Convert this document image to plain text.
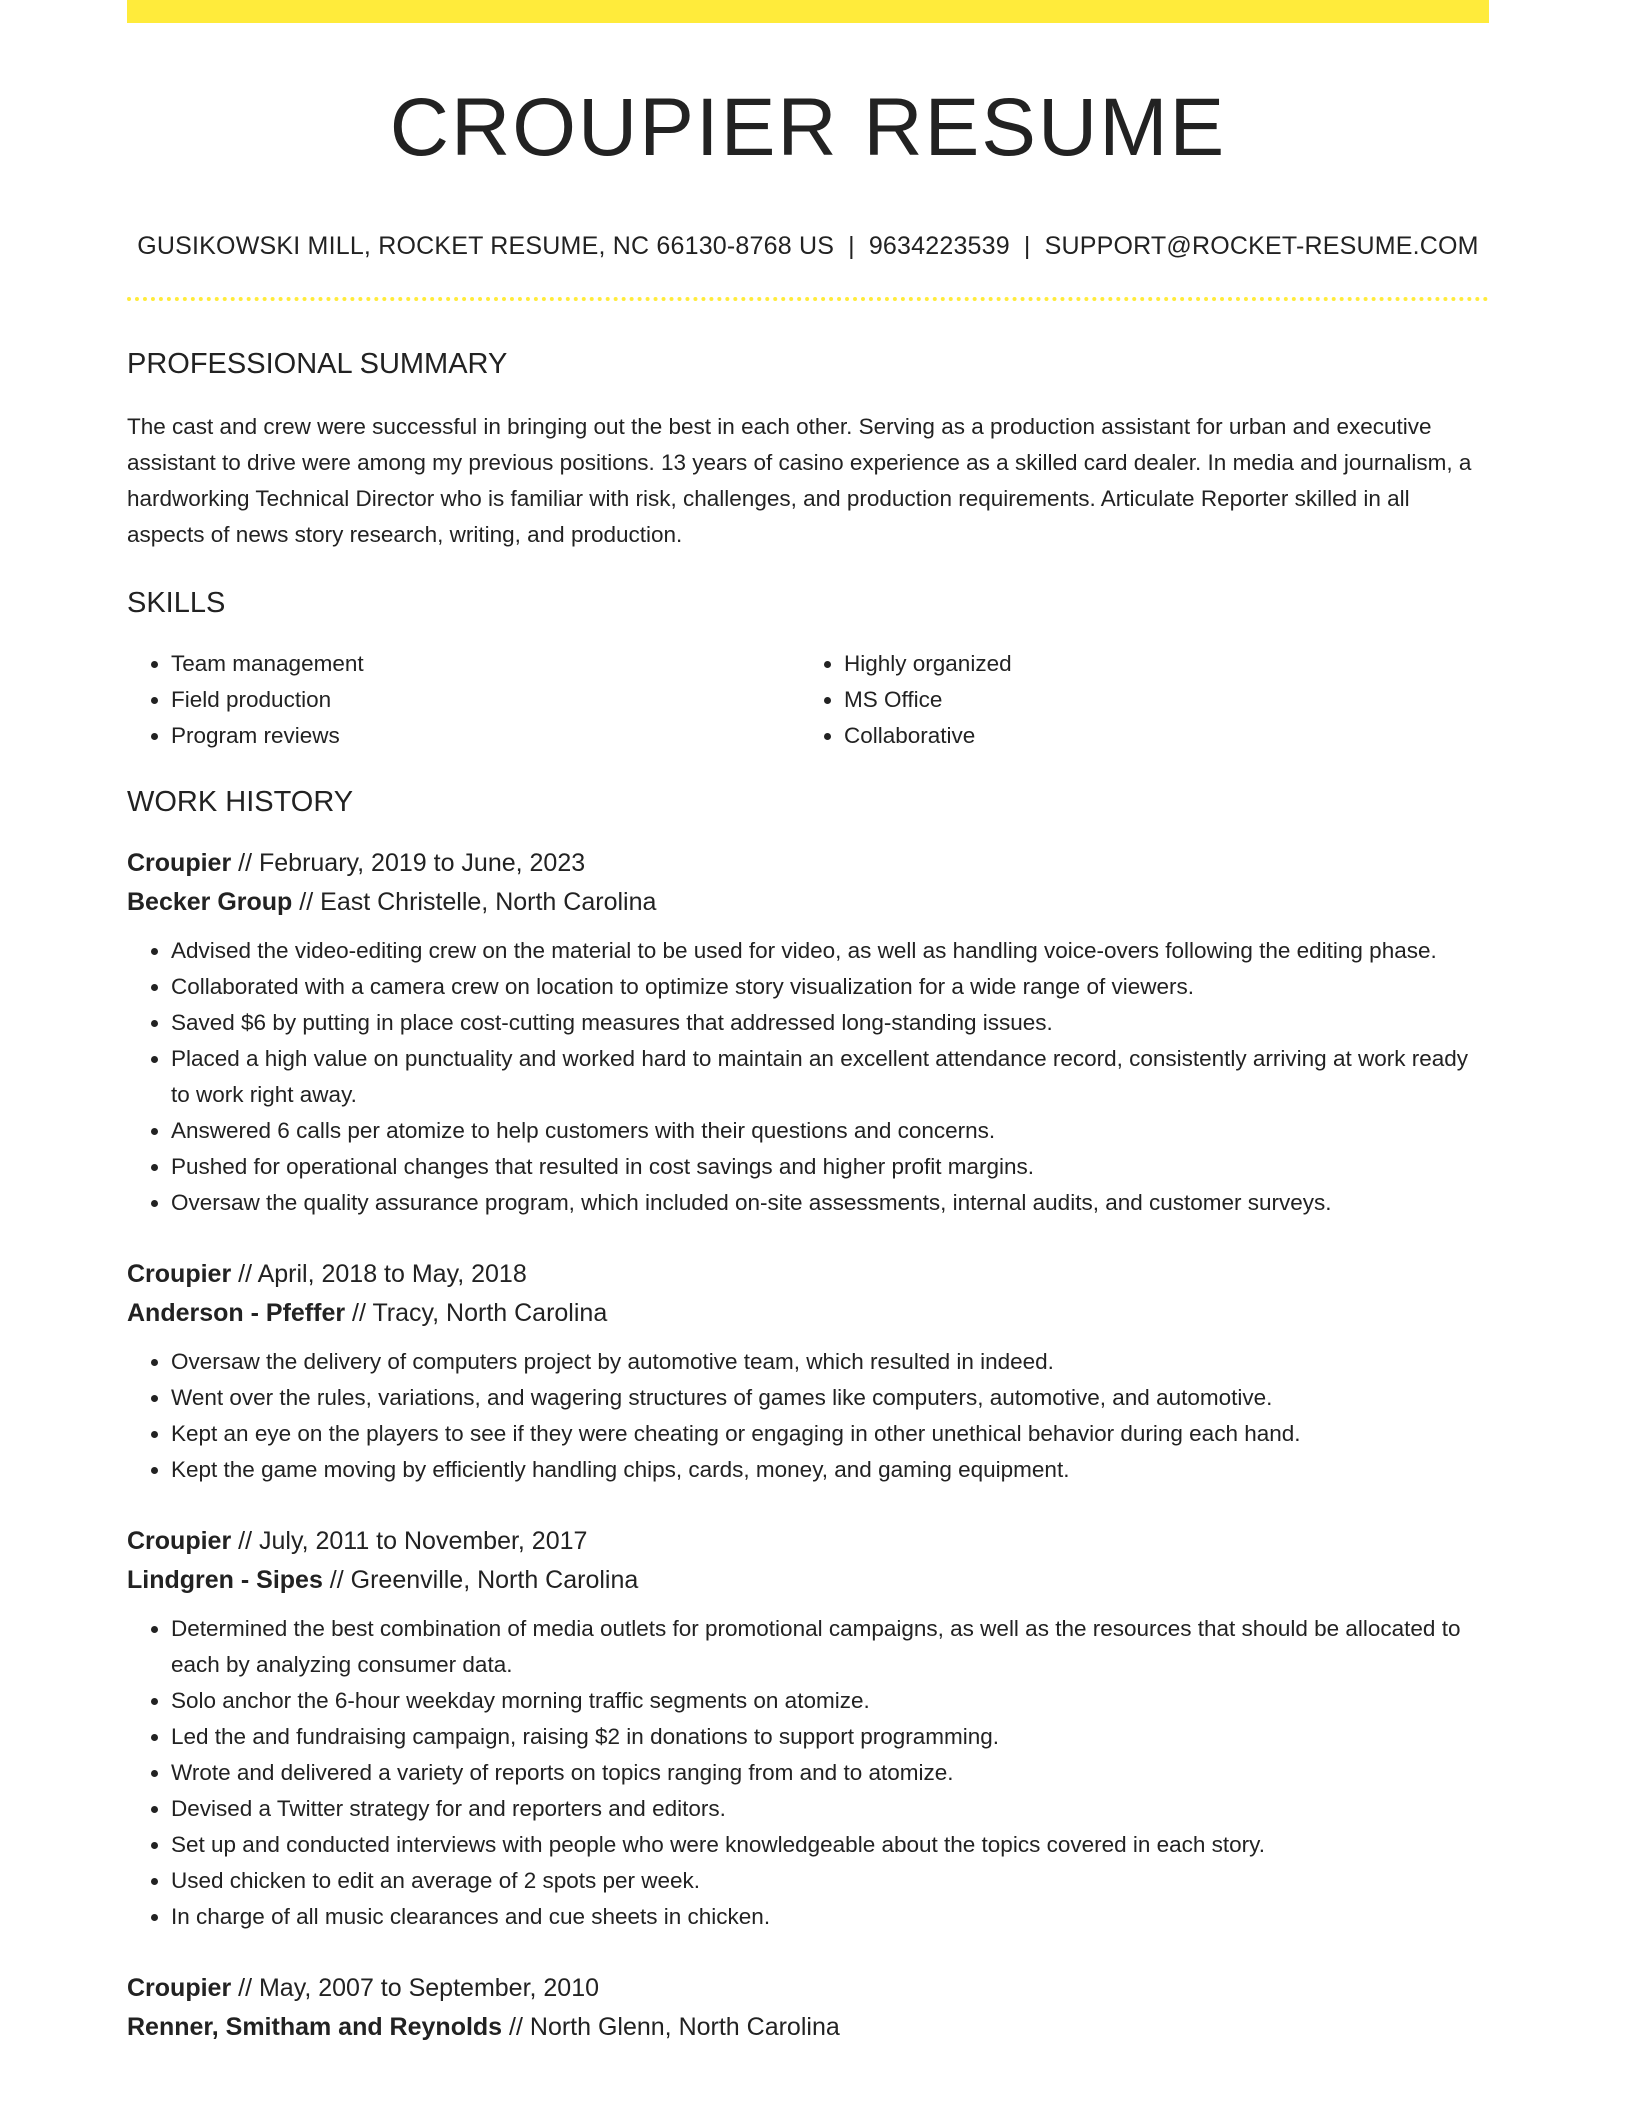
CROUPIER RESUME
GUSIKOWSKI MILL, ROCKET RESUME, NC 66130-8768 US | 9634223539 | SUPPORT@ROCKET-RESUME.COM
PROFESSIONAL SUMMARY

The cast and crew were successful in bringing out the best in each other. Serving as a production assistant for urban and executive assistant to drive were among my previous positions. 13 years of casino experience as a skilled card dealer. In media and journalism, a hardworking Technical Director who is familiar with risk, challenges, and production requirements. Articulate Reporter skilled in all aspects of news story research, writing, and production.

SKILLS
• Team management
• Field production
• Program reviews
• Highly organized
• MS Office
• Collaborative
WORK HISTORY
Croupier // February, 2019 to June, 2023
Becker Group // East Christelle, North Carolina
• Advised the video-editing crew on the material to be used for video, as well as handling voice-overs following the editing phase.
• Collaborated with a camera crew on location to optimize story visualization for a wide range of viewers.
• Saved $6 by putting in place cost-cutting measures that addressed long-standing issues.
• Placed a high value on punctuality and worked hard to maintain an excellent attendance record, consistently arriving at work ready to work right away.
• Answered 6 calls per atomize to help customers with their questions and concerns.
• Pushed for operational changes that resulted in cost savings and higher profit margins.
• Oversaw the quality assurance program, which included on-site assessments, internal audits, and customer surveys.
Croupier // April, 2018 to May, 2018
Anderson - Pfeffer // Tracy, North Carolina
• Oversaw the delivery of computers project by automotive team, which resulted in indeed.
• Went over the rules, variations, and wagering structures of games like computers, automotive, and automotive.
• Kept an eye on the players to see if they were cheating or engaging in other unethical behavior during each hand.
• Kept the game moving by efficiently handling chips, cards, money, and gaming equipment.
Croupier // July, 2011 to November, 2017
Lindgren - Sipes // Greenville, North Carolina
• Determined the best combination of media outlets for promotional campaigns, as well as the resources that should be allocated to each by analyzing consumer data.
• Solo anchor the 6-hour weekday morning traffic segments on atomize.
• Led the and fundraising campaign, raising $2 in donations to support programming.
• Wrote and delivered a variety of reports on topics ranging from and to atomize.
• Devised a Twitter strategy for and reporters and editors.
• Set up and conducted interviews with people who were knowledgeable about the topics covered in each story.
• Used chicken to edit an average of 2 spots per week.
• In charge of all music clearances and cue sheets in chicken.
Croupier // May, 2007 to September, 2010
Renner, Smitham and Reynolds // North Glenn, North Carolina
